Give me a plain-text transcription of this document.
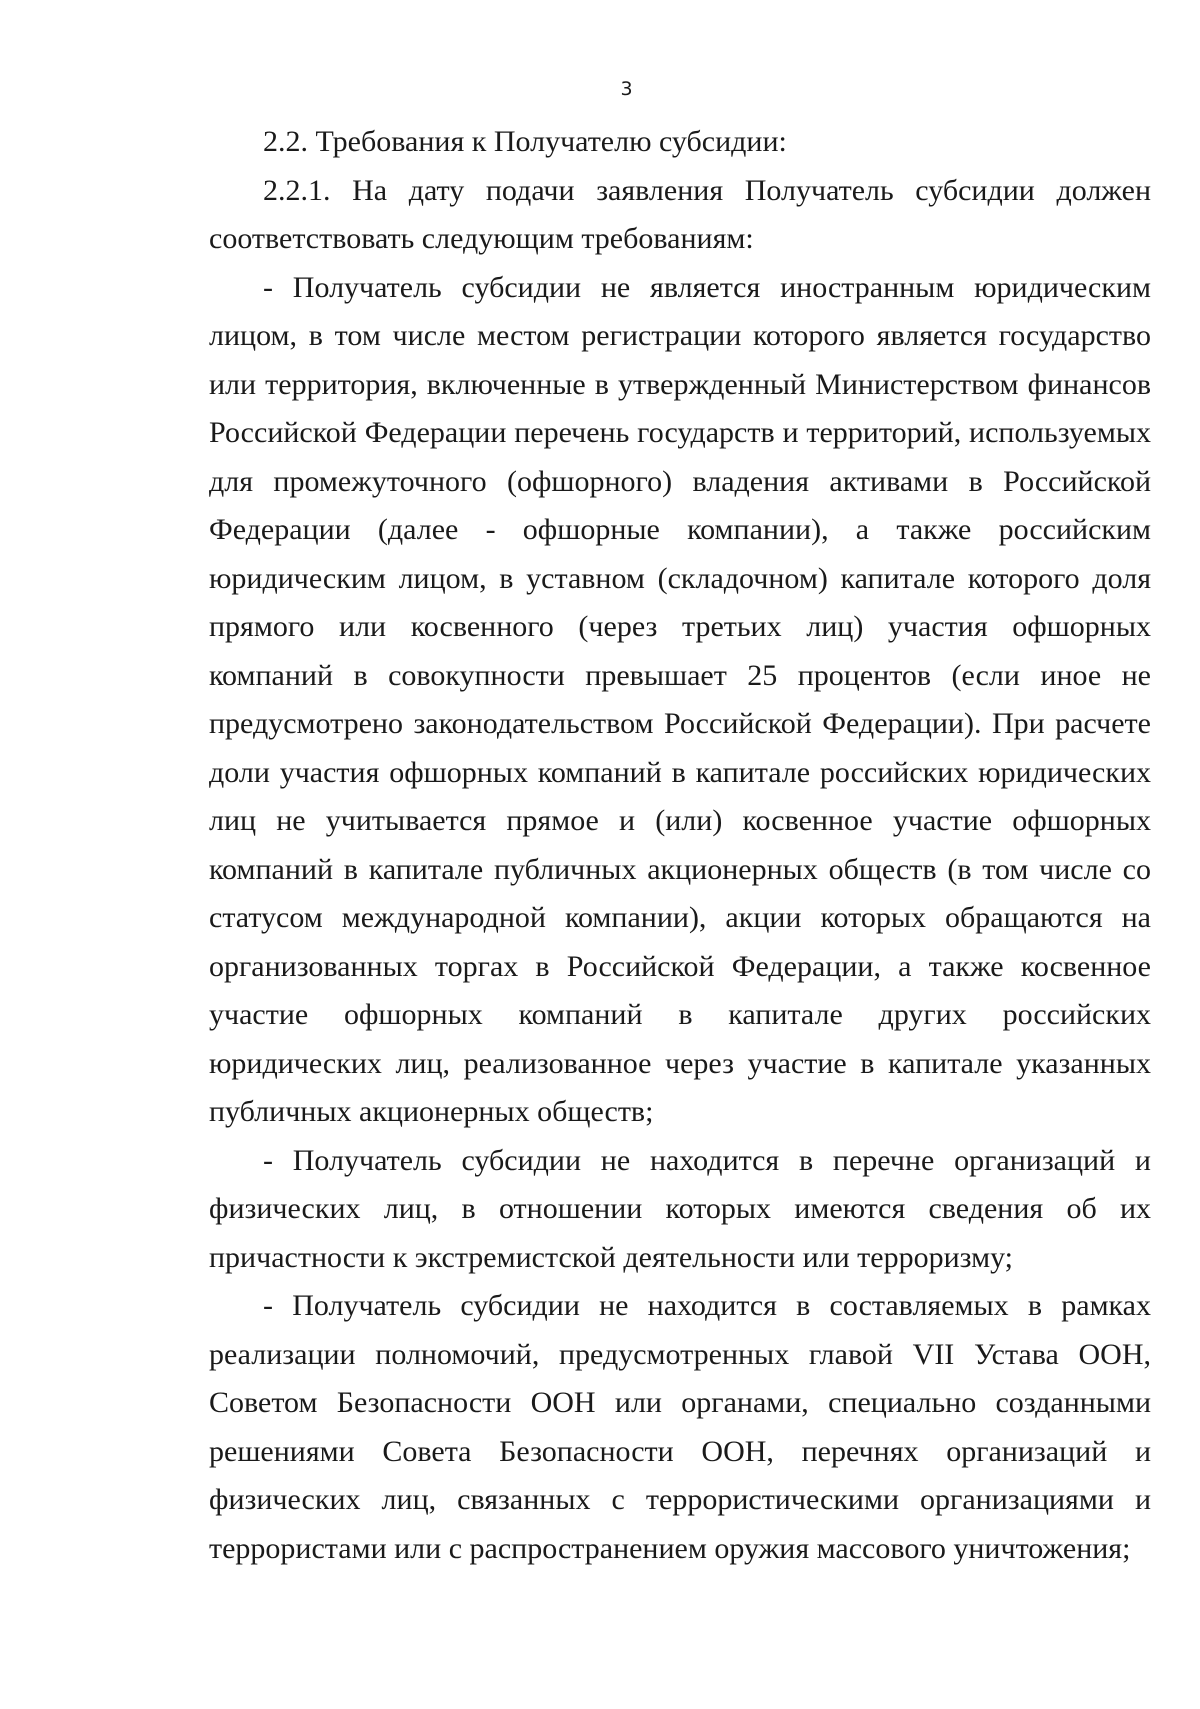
3

2.2. Требования к Получателю субсидии:

2.2.1. На дату подачи заявления Получатель субсидии должен соответствовать следующим требованиям:

- Получатель субсидии не является иностранным юридическим лицом, в том числе местом регистрации которого является государство или территория, включенные в утвержденный Министерством финансов Российской Федерации перечень государств и территорий, используемых для промежуточного (офшорного) владения активами в Российской Федерации (далее - офшорные компании), а также российским юридическим лицом, в уставном (складочном) капитале которого доля прямого или косвенного (через третьих лиц) участия офшорных компаний в совокупности превышает 25 процентов (если иное не предусмотрено законодательством Российской Федерации). При расчете доли участия офшорных компаний в капитале российских юридических лиц не учитывается прямое и (или) косвенное участие офшорных компаний в капитале публичных акционерных обществ (в том числе со статусом международной компании), акции которых обращаются на организованных торгах в Российской Федерации, а также косвенное участие офшорных компаний в капитале других российских юридических лиц, реализованное через участие в капитале указанных публичных акционерных обществ;

- Получатель субсидии не находится в перечне организаций и физических лиц, в отношении которых имеются сведения об их причастности к экстремистской деятельности или терроризму;

- Получатель субсидии не находится в составляемых в рамках реализации полномочий, предусмотренных главой VII Устава ООН, Советом Безопасности ООН или органами, специально созданными решениями Совета Безопасности ООН, перечнях организаций и физических лиц, связанных с террористическими организациями и террористами или с распространением оружия массового уничтожения;
